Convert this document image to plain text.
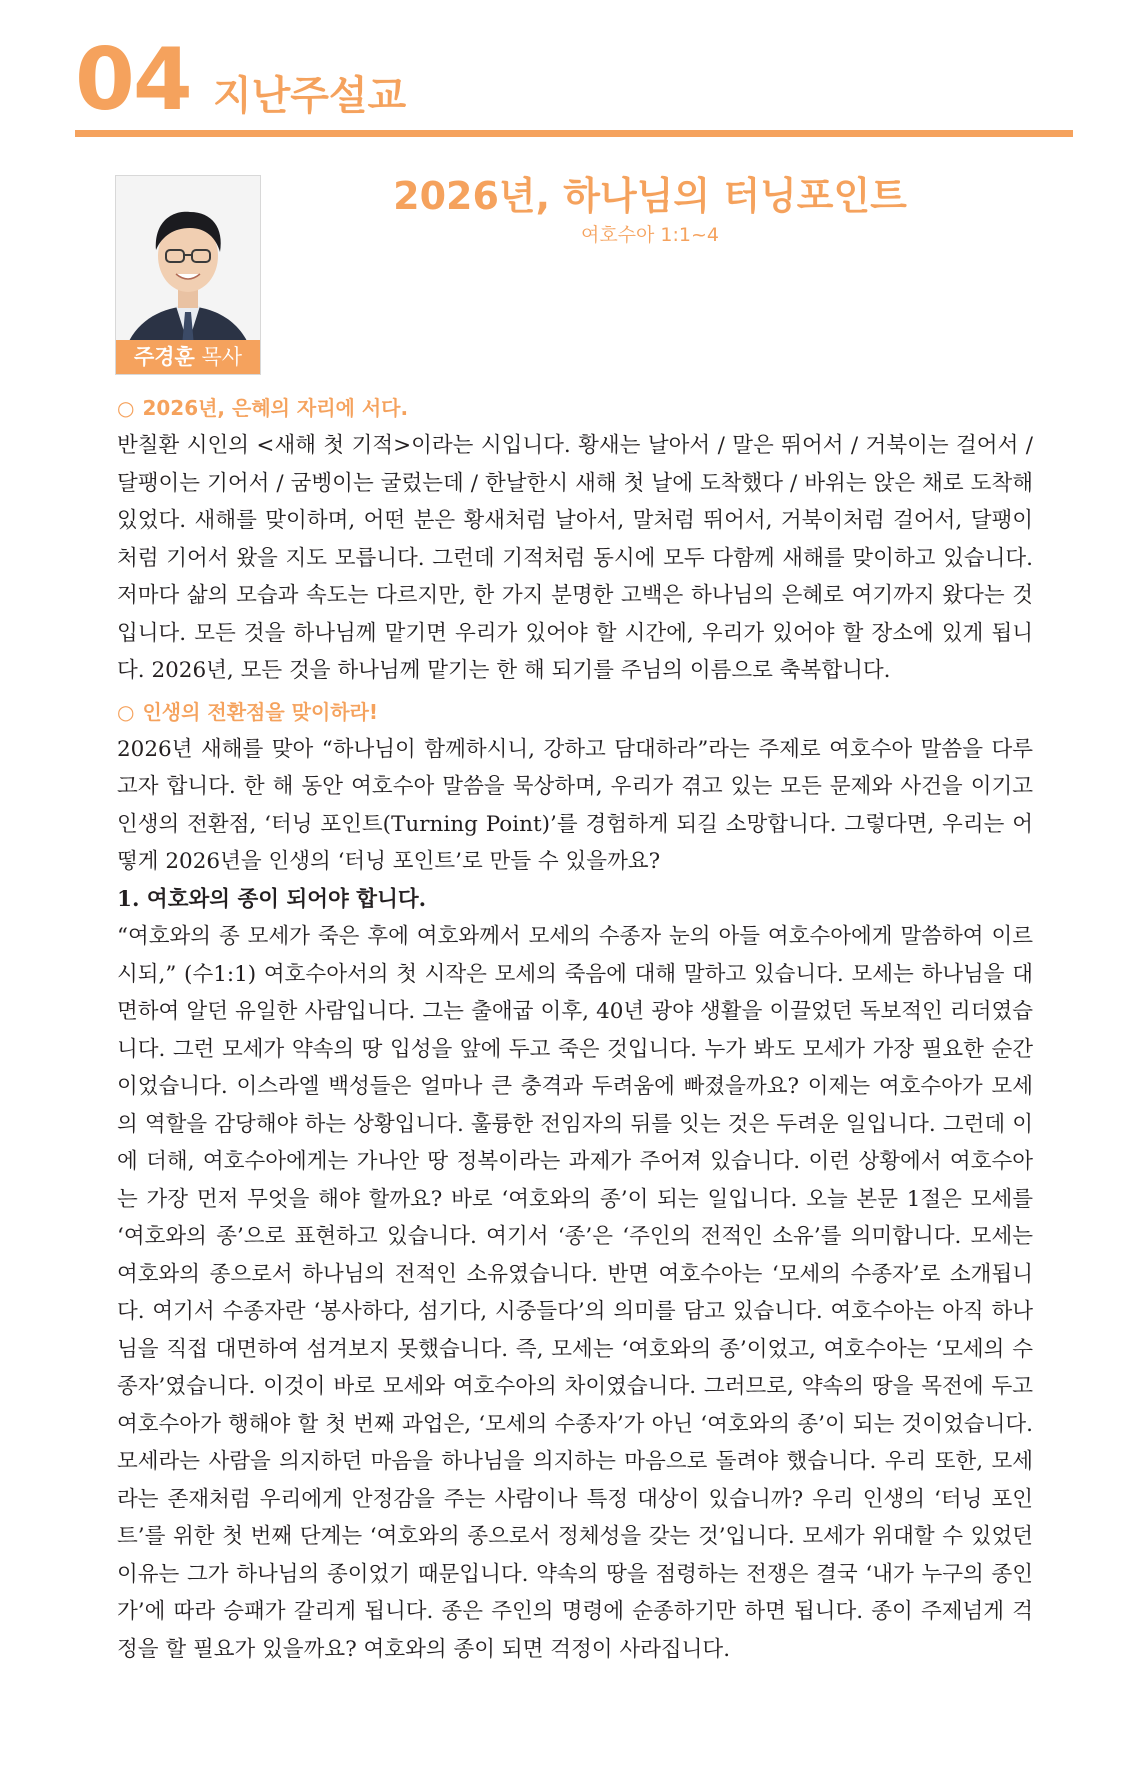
04 지난주설교
주경훈 목사
2026년, 하나님의 터닝포인트
여호수아 1:1~4
○ 2026년, 은혜의 자리에 서다.

반칠환 시인의 <새해 첫 기적>이라는 시입니다. 황새는 날아서 / 말은 뛰어서 / 거북이는 걸어서 / 달팽이는 기어서 / 굼벵이는 굴렀는데 / 한날한시 새해 첫 날에 도착했다 / 바위는 앉은 채로 도착해 있었다. 새해를 맞이하며, 어떤 분은 황새처럼 날아서, 말처럼 뛰어서, 거북이처럼 걸어서, 달팽이처럼 기어서 왔을 지도 모릅니다. 그런데 기적처럼 동시에 모두 다함께 새해를 맞이하고 있습니다. 저마다 삶의 모습과 속도는 다르지만, 한 가지 분명한 고백은 하나님의 은혜로 여기까지 왔다는 것입니다. 모든 것을 하나님께 맡기면 우리가 있어야 할 시간에, 우리가 있어야 할 장소에 있게 됩니다. 2026년, 모든 것을 하나님께 맡기는 한 해 되기를 주님의 이름으로 축복합니다.

○ 인생의 전환점을 맞이하라!

2026년 새해를 맞아 “하나님이 함께하시니, 강하고 담대하라”라는 주제로 여호수아 말씀을 다루고자 합니다. 한 해 동안 여호수아 말씀을 묵상하며, 우리가 겪고 있는 모든 문제와 사건을 이기고 인생의 전환점, ‘터닝 포인트(Turning Point)’를 경험하게 되길 소망합니다. 그렇다면, 우리는 어떻게 2026년을 인생의 ‘터닝 포인트’로 만들 수 있을까요?

1. 여호와의 종이 되어야 합니다.

“여호와의 종 모세가 죽은 후에 여호와께서 모세의 수종자 눈의 아들 여호수아에게 말씀하여 이르시되,” (수1:1) 여호수아서의 첫 시작은 모세의 죽음에 대해 말하고 있습니다. 모세는 하나님을 대면하여 알던 유일한 사람입니다. 그는 출애굽 이후, 40년 광야 생활을 이끌었던 독보적인 리더였습니다. 그런 모세가 약속의 땅 입성을 앞에 두고 죽은 것입니다. 누가 봐도 모세가 가장 필요한 순간이었습니다. 이스라엘 백성들은 얼마나 큰 충격과 두려움에 빠졌을까요? 이제는 여호수아가 모세의 역할을 감당해야 하는 상황입니다. 훌륭한 전임자의 뒤를 잇는 것은 두려운 일입니다. 그런데 이에 더해, 여호수아에게는 가나안 땅 정복이라는 과제가 주어져 있습니다. 이런 상황에서 여호수아는 가장 먼저 무엇을 해야 할까요? 바로 ‘여호와의 종’이 되는 일입니다. 오늘 본문 1절은 모세를 ‘여호와의 종’으로 표현하고 있습니다. 여기서 ‘종’은 ‘주인의 전적인 소유’를 의미합니다. 모세는 여호와의 종으로서 하나님의 전적인 소유였습니다. 반면 여호수아는 ‘모세의 수종자’로 소개됩니다. 여기서 수종자란 ‘봉사하다, 섬기다, 시중들다’의 의미를 담고 있습니다. 여호수아는 아직 하나님을 직접 대면하여 섬겨보지 못했습니다. 즉, 모세는 ‘여호와의 종’이었고, 여호수아는 ‘모세의 수종자’였습니다. 이것이 바로 모세와 여호수아의 차이였습니다. 그러므로, 약속의 땅을 목전에 두고 여호수아가 행해야 할 첫 번째 과업은, ‘모세의 수종자’가 아닌 ‘여호와의 종’이 되는 것이었습니다. 모세라는 사람을 의지하던 마음을 하나님을 의지하는 마음으로 돌려야 했습니다. 우리 또한, 모세라는 존재처럼 우리에게 안정감을 주는 사람이나 특정 대상이 있습니까? 우리 인생의 ‘터닝 포인트’를 위한 첫 번째 단계는 ‘여호와의 종으로서 정체성을 갖는 것’입니다. 모세가 위대할 수 있었던 이유는 그가 하나님의 종이었기 때문입니다. 약속의 땅을 점령하는 전쟁은 결국 ‘내가 누구의 종인가’에 따라 승패가 갈리게 됩니다. 종은 주인의 명령에 순종하기만 하면 됩니다. 종이 주제넘게 걱정을 할 필요가 있을까요? 여호와의 종이 되면 걱정이 사라집니다.
